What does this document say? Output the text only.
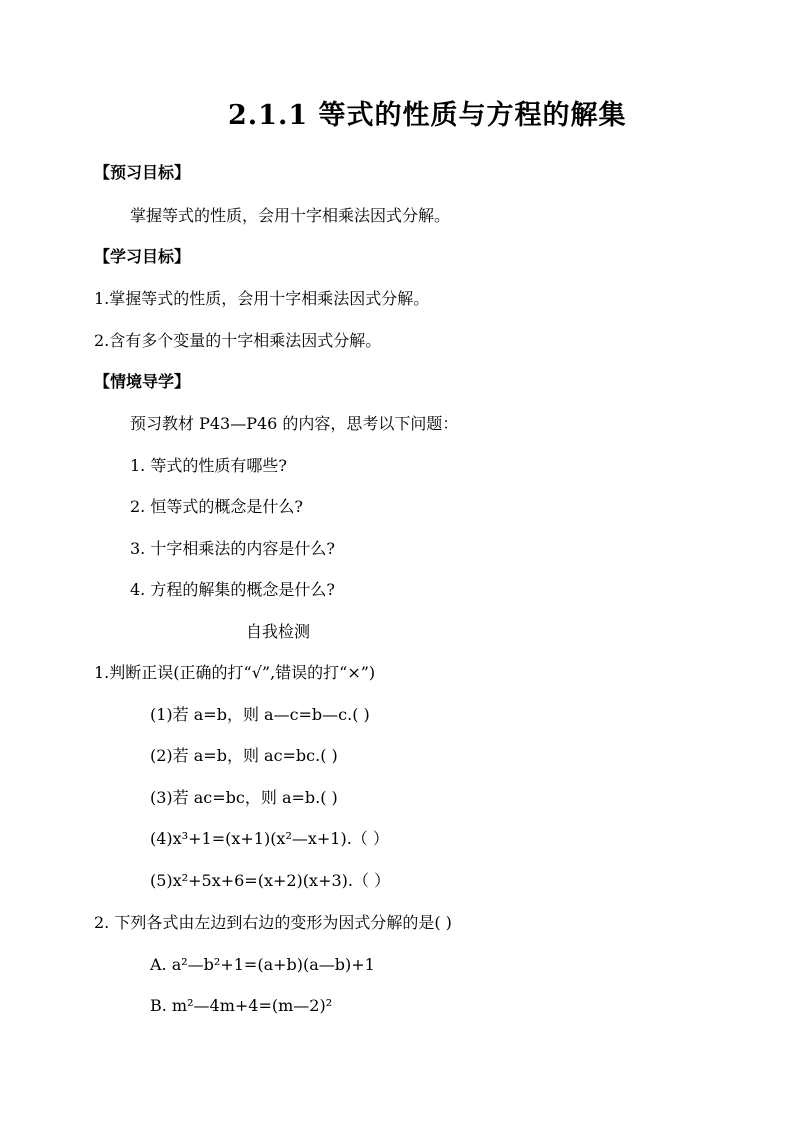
2.1.1 等式的性质与方程的解集
【预习目标】
掌握等式的性质，会用十字相乘法因式分解。
【学习目标】
1.掌握等式的性质，会用十字相乘法因式分解。
2.含有多个变量的十字相乘法因式分解。
【情境导学】
预习教材 P43—P46 的内容，思考以下问题：
1. 等式的性质有哪些?
2. 恒等式的概念是什么?
3. 十字相乘法的内容是什么?
4. 方程的解集的概念是什么?
自我检测
1.判断正误(正确的打“√”,错误的打“×”)
(1)若 a=b，则 a—c=b—c.( )
(2)若 a=b，则 ac=bc.( )
(3)若 ac=bc，则 a=b.( )
(4)x³+1=(x+1)(x²—x+1).（ ）
(5)x²+5x+6=(x+2)(x+3).（ ）
2. 下列各式由左边到右边的变形为因式分解的是( )
A. a²—b²+1=(a+b)(a—b)+1
B. m²—4m+4=(m—2)²
